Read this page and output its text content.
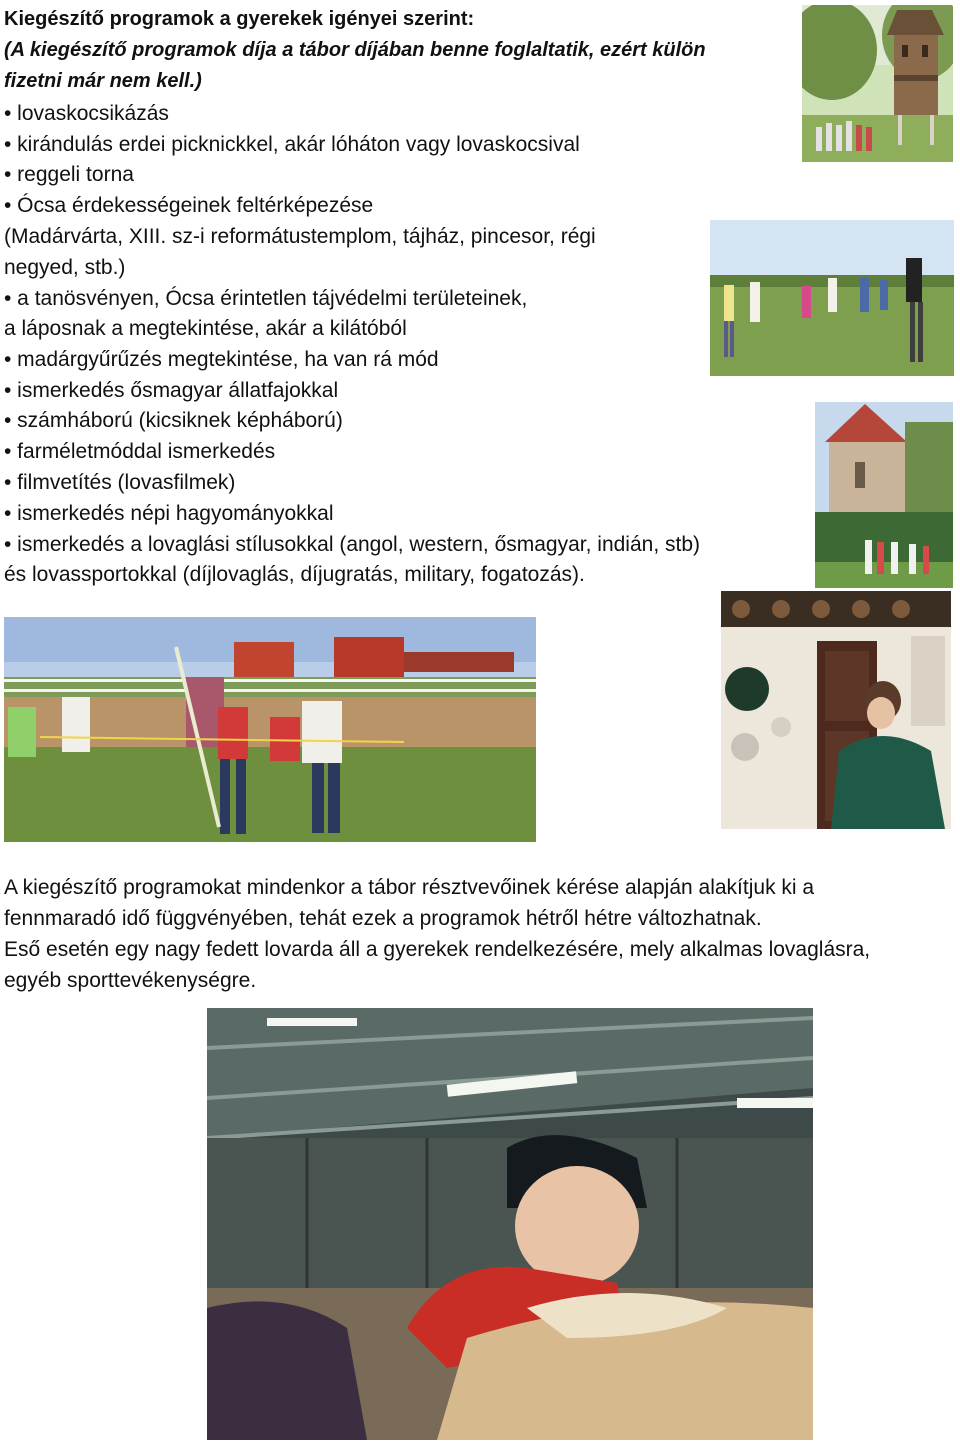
Kiegészítő programok a gyerekek igényei szerint:
(A kiegészítő programok díja a tábor díjában benne foglaltatik, ezért külön
fizetni már nem kell.)
• lovaskocsikázás
• kirándulás erdei picknickkel, akár lóháton vagy lovaskocsival
• reggeli torna
• Ócsa érdekességeinek feltérképezése
(Madárvárta, XIII. sz-i reformátustemplom, tájház, pincesor, régi
negyed, stb.)
• a tanösvényen, Ócsa érintetlen tájvédelmi területeinek,
a láposnak a megtekintése, akár a kilátóból
• madárgyűrűzés megtekintése, ha van rá mód
• ismerkedés ősmagyar állatfajokkal
• számháború (kicsiknek képháború)
• farméletmóddal ismerkedés
• filmvetítés (lovasfilmek)
• ismerkedés népi hagyományokkal
• ismerkedés a lovaglási stílusokkal (angol, western, ősmagyar, indián, stb)
és lovassportokkal (díjlovaglás, díjugratás, military, fogatozás).
A kiegészítő programokat mindenkor a tábor résztvevőinek kérése alapján alakítjuk ki a
fennmaradó idő függvényében, tehát ezek a programok hétről hétre változhatnak.
Eső esetén egy nagy fedett lovarda áll a gyerekek rendelkezésére, mely alkalmas lovaglásra,
egyéb sporttevékenységre.
